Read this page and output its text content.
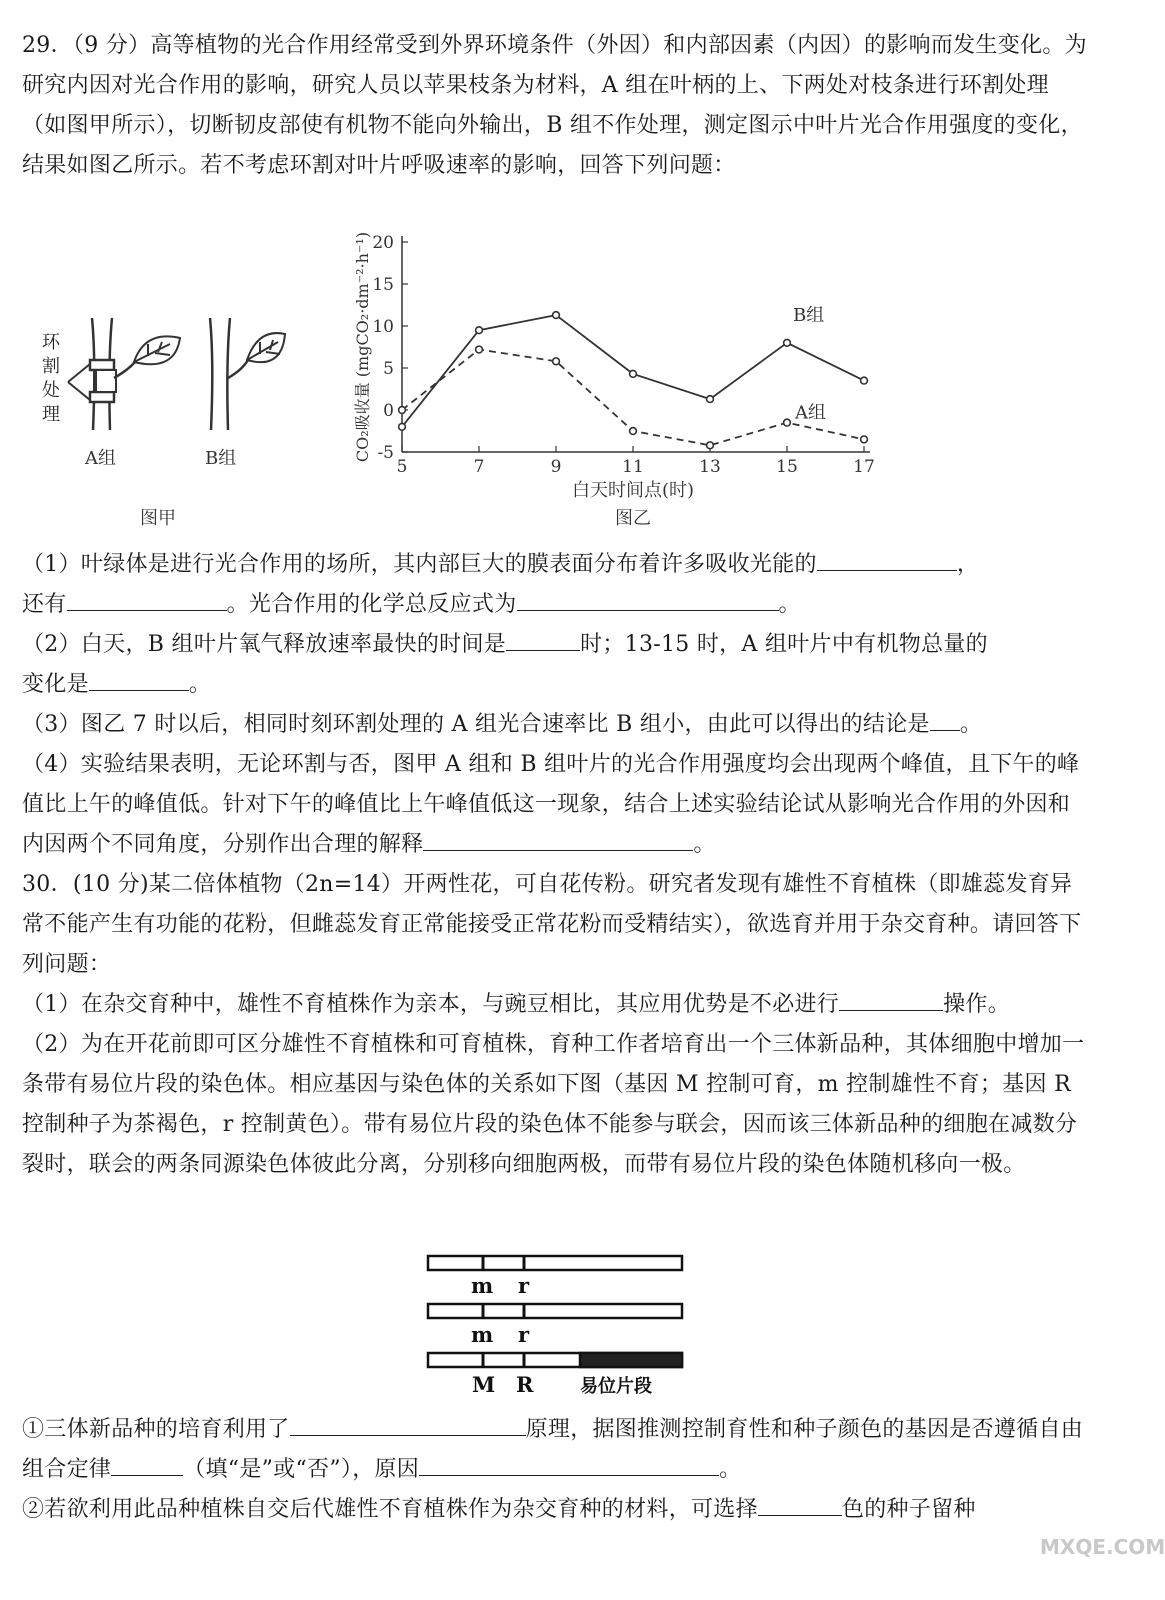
29．（9 分）高等植物的光合作用经常受到外界环境条件（外因）和内部因素（内因）的影响而发生变化。为研究内因对光合作用的影响，研究人员以苹果枝条为材料，A 组在叶柄的上、下两处对枝条进行环割处理（如图甲所示），切断韧皮部使有机物不能向外输出，B 组不作处理，测定图示中叶片光合作用强度的变化，结果如图乙所示。若不考虑环割对叶片呼吸速率的影响，回答下列问题：
环
割
处
理
A组	B组
图甲
-5
0
5
10
15
20
5	7	9	11	13	15	17
白天时间点(时)
图乙
CO₂吸收量 (mgCO₂·dm⁻²·h⁻¹)	B组
A组
（1）叶绿体是进行光合作用的场所，其内部巨大的膜表面分布着许多吸收光能的	，
还有	。光合作用的化学总反应式为	。
（2）白天，B 组叶片氧气释放速率最快的时间是	时；13-15 时，A 组叶片中有机物总量的
变化是	。
（3）图乙 7 时以后，相同时刻环割处理的 A 组光合速率比 B 组小，由此可以得出的结论是 。
（4）实验结果表明，无论环割与否，图甲 A 组和 B 组叶片的光合作用强度均会出现两个峰值，且下午的峰值比上午的峰值低。针对下午的峰值比上午峰值低这一现象，结合上述实验结论试从影响光合作用的外因和内因两个不同角度，分别作出合理的解释	。
30．(10 分)某二倍体植物（2n=14）开两性花，可自花传粉。研究者发现有雄性不育植株（即雄蕊发育异常不能产生有功能的花粉，但雌蕊发育正常能接受正常花粉而受精结实），欲选育并用于杂交育种。请回答下列问题：
（1）在杂交育种中，雄性不育植株作为亲本，与豌豆相比，其应用优势是不必进行	操作。
（2）为在开花前即可区分雄性不育植株和可育植株，育种工作者培育出一个三体新品种，其体细胞中增加一条带有易位片段的染色体。相应基因与染色体的关系如下图（基因 M 控制可育，m 控制雄性不育；基因 R 控制种子为茶褐色，r 控制黄色）。带有易位片段的染色体不能参与联会，因而该三体新品种的细胞在减数分裂时，联会的两条同源染色体彼此分离，分别移向细胞两极，而带有易位片段的染色体随机移向一极。
m r
m r
M R	易位片段
①三体新品种的培育利用了	原理，据图推测控制育性和种子颜色的基因是否遵循自由组合定律	（填“是”或“否”），原因	。
②若欲利用此品种植株自交后代雄性不育植株作为杂交育种的材料，可选择	色的种子留种
MXQE.COM
